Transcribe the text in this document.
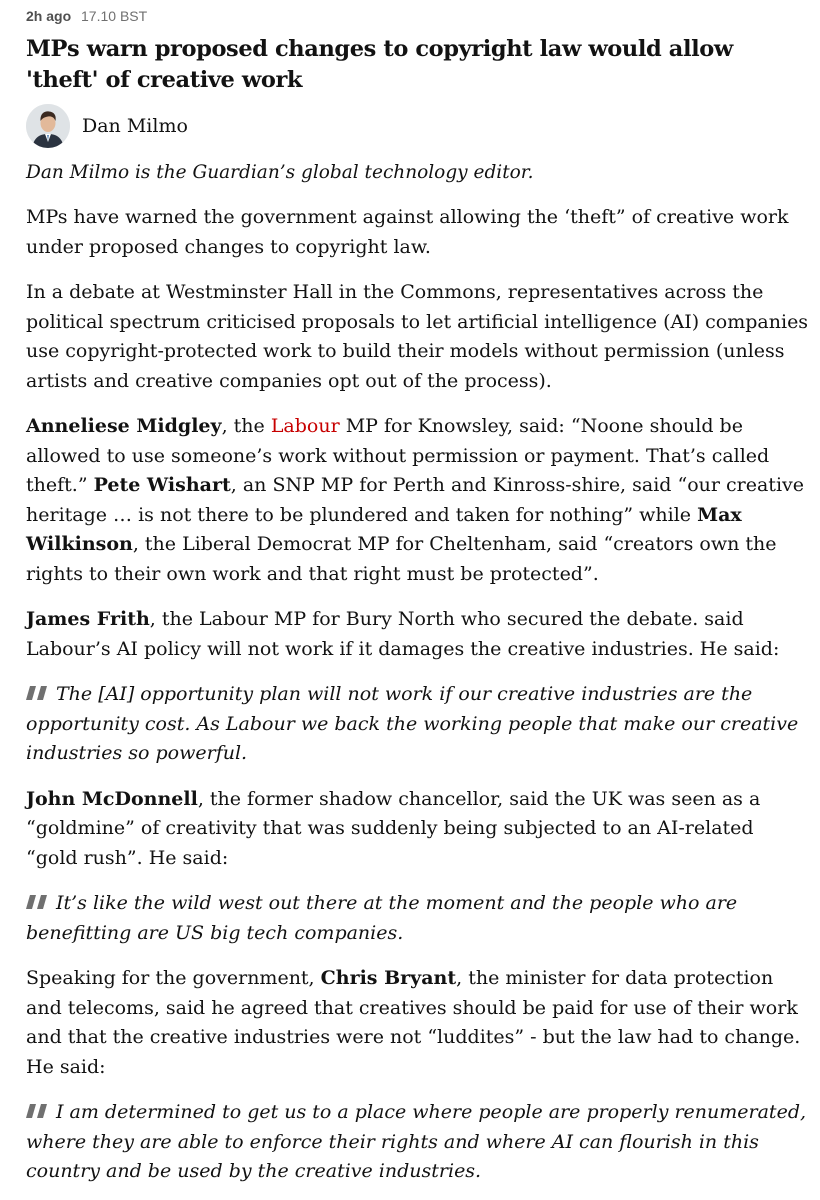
2h ago 17.10 BST
MPs warn proposed changes to copyright law would allow 'theft' of creative work
Dan Milmo
Dan Milmo is the Guardian’s global technology editor.

MPs have warned the government against allowing the ‘theft” of creative work under proposed changes to copyright law.

In a debate at Westminster Hall in the Commons, representatives across the political spectrum criticised proposals to let artificial intelligence (AI) companies use copyright-protected work to build their models without permission (unless artists and creative companies opt out of the process).

Anneliese Midgley, the Labour MP for Knowsley, said: “Noone should be allowed to use someone’s work without permission or payment. That’s called theft.” Pete Wishart, an SNP MP for Perth and Kinross-shire, said “our creative heritage … is not there to be plundered and taken for nothing” while Max Wilkinson, the Liberal Democrat MP for Cheltenham, said “creators own the rights to their own work and that right must be protected”.

James Frith, the Labour MP for Bury North who secured the debate. said Labour’s AI policy will not work if it damages the creative industries. He said:

The [AI] opportunity plan will not work if our creative industries are the opportunity cost. As Labour we back the working people that make our creative industries so powerful.

John McDonnell, the former shadow chancellor, said the UK was seen as a “goldmine” of creativity that was suddenly being subjected to an AI-related “gold rush”. He said:

It’s like the wild west out there at the moment and the people who are benefitting are US big tech companies.

Speaking for the government, Chris Bryant, the minister for data protection and telecoms, said he agreed that creatives should be paid for use of their work and that the creative industries were not “luddites” - but the law had to change. He said:

I am determined to get us to a place where people are properly renumerated, where they are able to enforce their rights and where AI can flourish in this country and be used by the creative industries.
